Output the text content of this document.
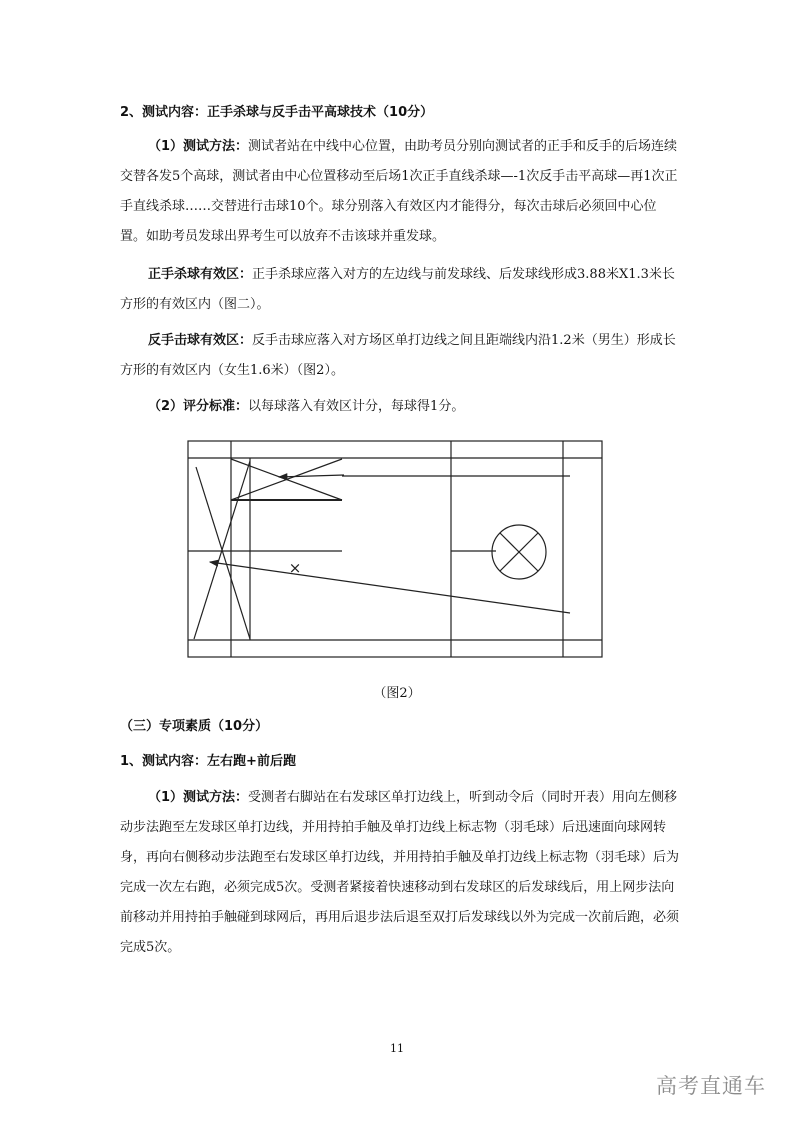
2、测试内容：正手杀球与反手击平高球技术（10分）

（1）测试方法：测试者站在中线中心位置，由助考员分别向测试者的正手和反手的后场连续交替各发5个高球，测试者由中心位置移动至后场1次正手直线杀球—-1次反手击平高球—再1次正手直线杀球……交替进行击球10个。球分别落入有效区内才能得分，每次击球后必须回中心位置。如助考员发球出界考生可以放弃不击该球并重发球。

正手杀球有效区：正手杀球应落入对方的左边线与前发球线、后发球线形成3.88米X1.3米长方形的有效区内（图二）。

反手击球有效区：反手击球应落入对方场区单打边线之间且距端线内沿1.2米（男生）形成长方形的有效区内（女生1.6米）（图2）。

（2）评分标准：以每球落入有效区计分，每球得1分。

×
（图2）
（三）专项素质（10分）
1、测试内容：左右跑+前后跑

（1）测试方法：受测者右脚站在右发球区单打边线上，听到动令后（同时开表）用向左侧移动步法跑至左发球区单打边线，并用持拍手触及单打边线上标志物（羽毛球）后迅速面向球网转身，再向右侧移动步法跑至右发球区单打边线，并用持拍手触及单打边线上标志物（羽毛球）后为完成一次左右跑，必须完成5次。受测者紧接着快速移动到右发球区的后发球线后，用上网步法向前移动并用持拍手触碰到球网后，再用后退步法后退至双打后发球线以外为完成一次前后跑，必须完成5次。

11
高考直通车
